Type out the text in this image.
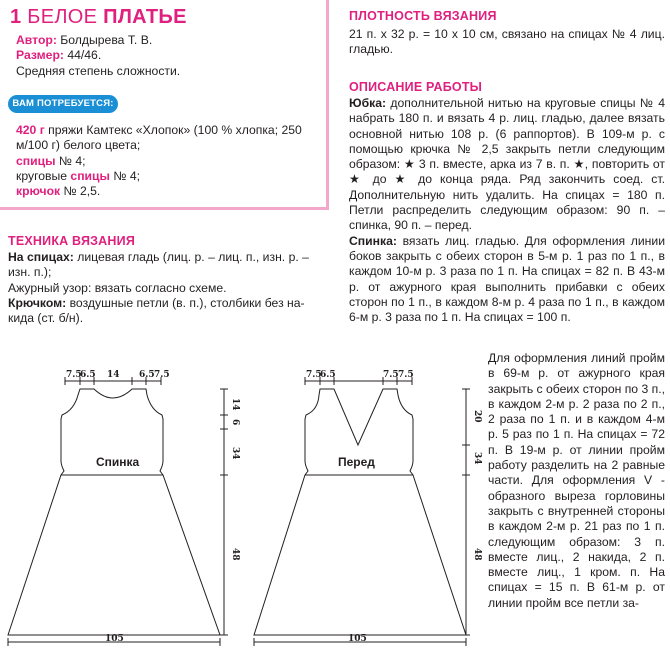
1 БЕЛОЕ ПЛАТЬЕ
Автор: Болдырева Т. В.
Размер: 44/46.
Средняя степень сложности.
ВАМ ПОТРЕБУЕТСЯ:
420 г пряжи Камтекс «Хлопок» (100 % хлопка; 250 м/100 г) белого цвета;
спицы № 4;
круговые спицы № 4;
крючок № 2,5.
ТЕХНИКА ВЯЗАНИЯ
На спицах: лицевая гладь (лиц. р. – лиц. п., изн. р. – изн. п.);
Ажурный узор: вязать согласно схеме.
Крючком: воздушные петли (в. п.), столбики без на-кида (ст. б/н).
ПЛОТНОСТЬ ВЯЗАНИЯ
21 п. х 32 р. = 10 х 10 см, связано на спицах № 4 лиц. гладью.
ОПИСАНИЕ РАБОТЫ
Юбка: дополнительной нитью на круговые спицы № 4 набрать 180 п. и вязать 4 р. лиц. гладью, далее вязать основной нитью 108 р. (6 раппортов). В 109-м р. с помощью крючка № 2,5 закрыть петли следующим образом: ★ 3 п. вместе, арка из 7 в. п. ★, повторить от ★ до ★ до конца ряда. Ряд закончить соед. ст. Дополнительную нить удалить. На спицах = 180 п. Петли распределить следующим образом: 90 п. – спинка, 90 п. – перед.
Спинка: вязать лиц. гладью. Для оформления линии боков закрыть с обеих сторон в 5-м р. 1 раз по 1 п., в каждом 10-м р. 3 раза по 1 п. На спицах = 82 п. В 43-м р. от ажурного края выполнить прибавки с обеих сторон по 1 п., в каждом 8-м р. 4 раза по 1 п., в каждом 6-м р. 3 раза по 1 п. На спицах = 100 п.
Для оформления линий пройм в 69-м р. от ажурного края закрыть с обеих сторон по 3 п., в каждом 2-м р. 2 раза по 2 п., 2 раза по 1 п. и в каждом 4-м р. 5 раз по 1 п. На спицах = 72 п. В 19-м р. от линии пройм работу разделить на 2 равные части. Для оформления V - образного выреза горловины закрыть с внутренней стороны в каждом 2-м р. 21 раз по 1 п. следующим образом: 3 п. вместе лиц., 2 накида, 2 п. вместе лиц., 1 кром. п. На спицах = 15 п. В 61-м р. от линии пройм все петли за-
7.5
6.5 14 6.5 7.5
14
6
34
48
105
Спинка
7.5
6.5	7.5 7.5
20
34
48
105
Перед
